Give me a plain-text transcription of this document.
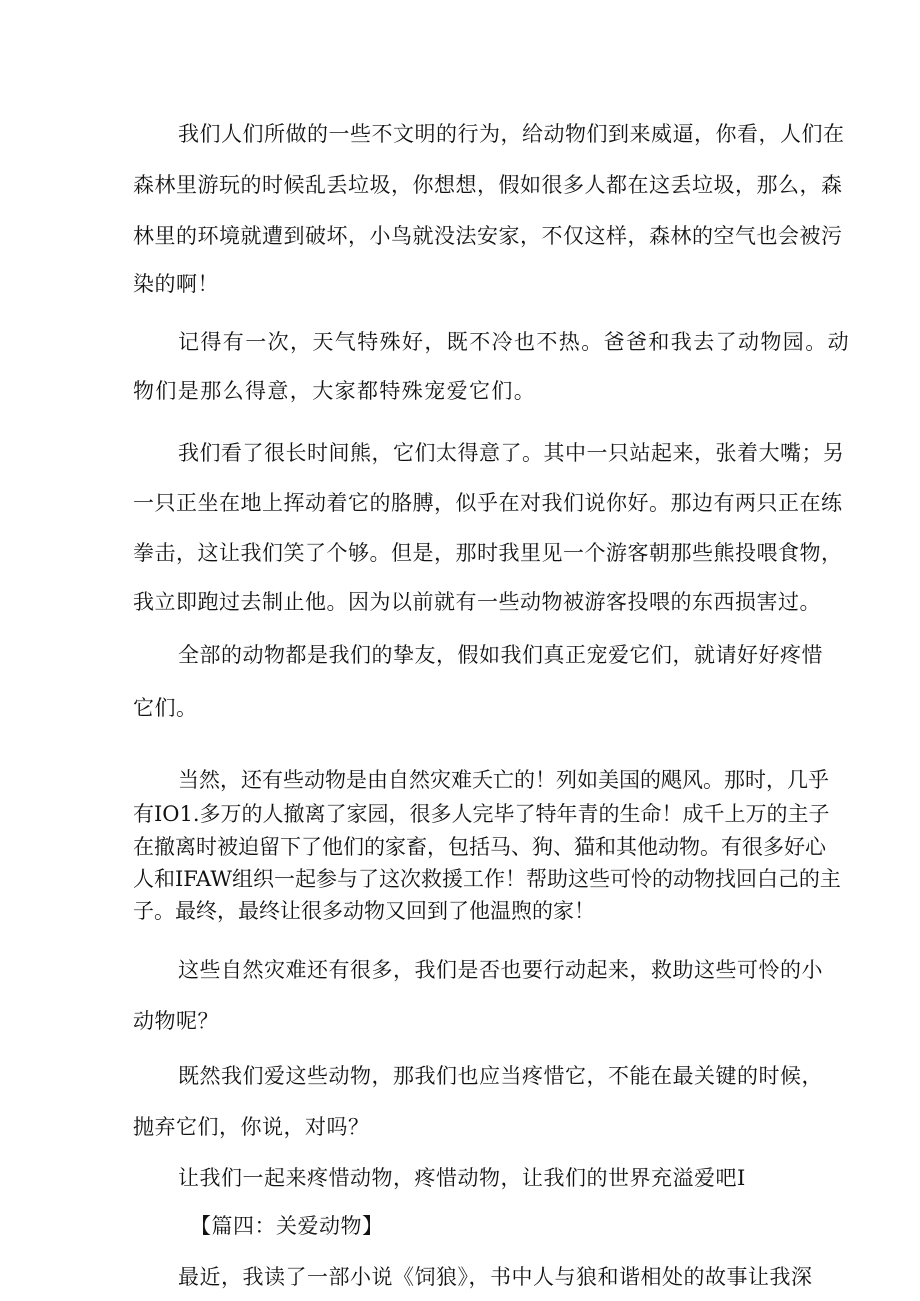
我们人们所做的一些不文明的行为，给动物们到来威逼，你看，人们在
森林里游玩的时候乱丢垃圾，你想想，假如很多人都在这丢垃圾，那么，森
林里的环境就遭到破坏，小鸟就没法安家，不仅这样，森林的空气也会被污
染的啊！
记得有一次，天气特殊好，既不冷也不热。爸爸和我去了动物园。动
物们是那么得意，大家都特殊宠爱它们。
我们看了很长时间熊，它们太得意了。其中一只站起来，张着大嘴；另
一只正坐在地上挥动着它的胳膊，似乎在对我们说你好。那边有两只正在练
拳击，这让我们笑了个够。但是，那时我里见一个游客朝那些熊投喂食物，
我立即跑过去制止他。因为以前就有一些动物被游客投喂的东西损害过。
全部的动物都是我们的挚友，假如我们真正宠爱它们，就请好好疼惜
它们。
当然，还有些动物是由自然灾难夭亡的！列如美国的飓风。那时，几乎
有IO1.多万的人撤离了家园，很多人完毕了特年青的生命！成千上万的主子
在撤离时被迫留下了他们的家畜，包括马、狗、猫和其他动物。有很多好心
人和IFAW组织一起参与了这次救援工作！帮助这些可怜的动物找回白己的主
子。最终，最终让很多动物又回到了他温煦的家！
这些自然灾难还有很多，我们是否也要行动起来，救助这些可怜的小
动物呢？
既然我们爱这些动物，那我们也应当疼惜它，不能在最关键的时候，
抛弃它们，你说，对吗？
让我们一起来疼惜动物，疼惜动物，让我们的世界充溢爱吧I
【篇四：关爱动物】
最近，我读了一部小说《饲狼》，书中人与狼和谐相处的故事让我深
